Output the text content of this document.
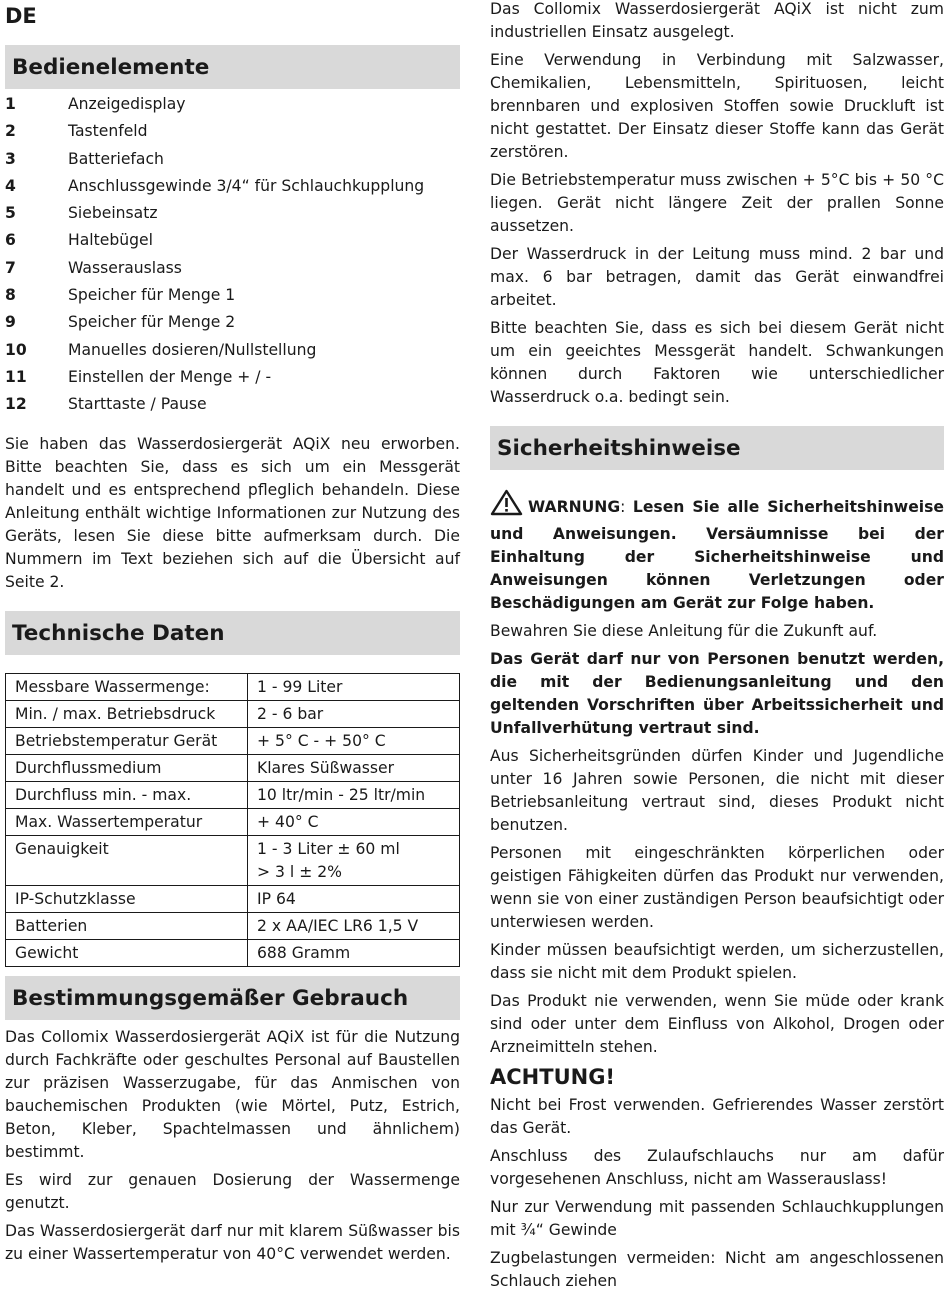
DE
Bedienelemente
1	Anzeigedisplay
2	Tastenfeld
3	Batteriefach
4	Anschlussgewinde 3/4“ für Schlauchkupplung
5	Siebeinsatz
6	Haltebügel
7	Wasserauslass
8	Speicher für Menge 1
9	Speicher für Menge 2
10	Manuelles dosieren/Nullstellung
11	Einstellen der Menge + / -
12	Starttaste / Pause

Sie haben das Wasserdosiergerät AQiX neu erworben. Bitte beachten Sie, dass es sich um ein Messgerät handelt und es entsprechend pfleglich behandeln. Diese Anleitung enthält wichtige Informationen zur Nutzung des Geräts, lesen Sie diese bitte aufmerksam durch. Die Nummern im Text beziehen sich auf die Übersicht auf Seite 2.

Technische Daten
Messbare Wassermenge:	1 - 99 Liter

Min. / max. Betriebsdruck	2 - 6 bar

Betriebstemperatur Gerät	+ 5° C - + 50° C

Durchflussmedium	Klares Süßwasser

Durchfluss min. - max.	10 ltr/min - 25 ltr/min

Max. Wassertemperatur	+ 40° C

Genauigkeit	1 - 3 Liter ± 60 ml
> 3 l ± 2%

IP-Schutzklasse	IP 64

Batterien	2 x AA/IEC LR6 1,5 V

Gewicht	688 Gramm
Bestimmungsgemäßer Gebrauch

Das Collomix Wasserdosiergerät AQiX ist für die Nutzung durch Fachkräfte oder geschultes Personal auf Baustellen zur präzisen Wasserzugabe, für das Anmischen von bauchemischen Produkten (wie Mörtel, Putz, Estrich, Beton, Kleber, Spachtelmassen und ähnlichem) bestimmt.

Es wird zur genauen Dosierung der Wassermenge genutzt.

Das Wasserdosiergerät darf nur mit klarem Süßwasser bis zu einer Wassertemperatur von 40°C verwendet werden.

Das Collomix Wasserdosiergerät AQiX ist nicht zum industriellen Einsatz ausgelegt.

Eine Verwendung in Verbindung mit Salzwasser, Chemikalien, Lebensmitteln, Spirituosen, leicht brennbaren und explosiven Stoffen sowie Druckluft ist nicht gestattet. Der Einsatz dieser Stoffe kann das Gerät zerstören.

Die Betriebstemperatur muss zwischen + 5°C bis + 50 °C liegen. Gerät nicht längere Zeit der prallen Sonne aussetzen.

Der Wasserdruck in der Leitung muss mind. 2 bar und max. 6 bar betragen, damit das Gerät einwandfrei arbeitet.

Bitte beachten Sie, dass es sich bei diesem Gerät nicht um ein geeichtes Messgerät handelt. Schwankungen können durch Faktoren wie unterschiedlicher Wasserdruck o.a. bedingt sein.

Sicherheitshinweise

WARNUNG: Lesen Sie alle Sicherheitshinweise und Anweisungen. Versäumnisse bei der Einhaltung der Sicherheitshinweise und Anweisungen können Verletzungen oder Beschädigungen am Gerät zur Folge haben.

Bewahren Sie diese Anleitung für die Zukunft auf.

Das Gerät darf nur von Personen benutzt werden, die mit der Bedienungsanleitung und den geltenden Vorschriften über Arbeitssicherheit und Unfallverhütung vertraut sind.

Aus Sicherheitsgründen dürfen Kinder und Jugendliche unter 16 Jahren sowie Personen, die nicht mit dieser Betriebsanleitung vertraut sind, dieses Produkt nicht benutzen.

Personen mit eingeschränkten körperlichen oder geistigen Fähigkeiten dürfen das Produkt nur verwenden, wenn sie von einer zuständigen Person beaufsichtigt oder unterwiesen werden.

Kinder müssen beaufsichtigt werden, um sicherzustellen, dass sie nicht mit dem Produkt spielen.

Das Produkt nie verwenden, wenn Sie müde oder krank sind oder unter dem Einfluss von Alkohol, Drogen oder Arzneimitteln stehen.

ACHTUNG!

Nicht bei Frost verwenden. Gefrierendes Wasser zerstört das Gerät.

Anschluss des Zulaufschlauchs nur am dafür vorgesehenen Anschluss, nicht am Wasserauslass!

Nur zur Verwendung mit passenden Schlauchkupplungen mit ¾“ Gewinde

Zugbelastungen vermeiden: Nicht am angeschlossenen Schlauch ziehen
